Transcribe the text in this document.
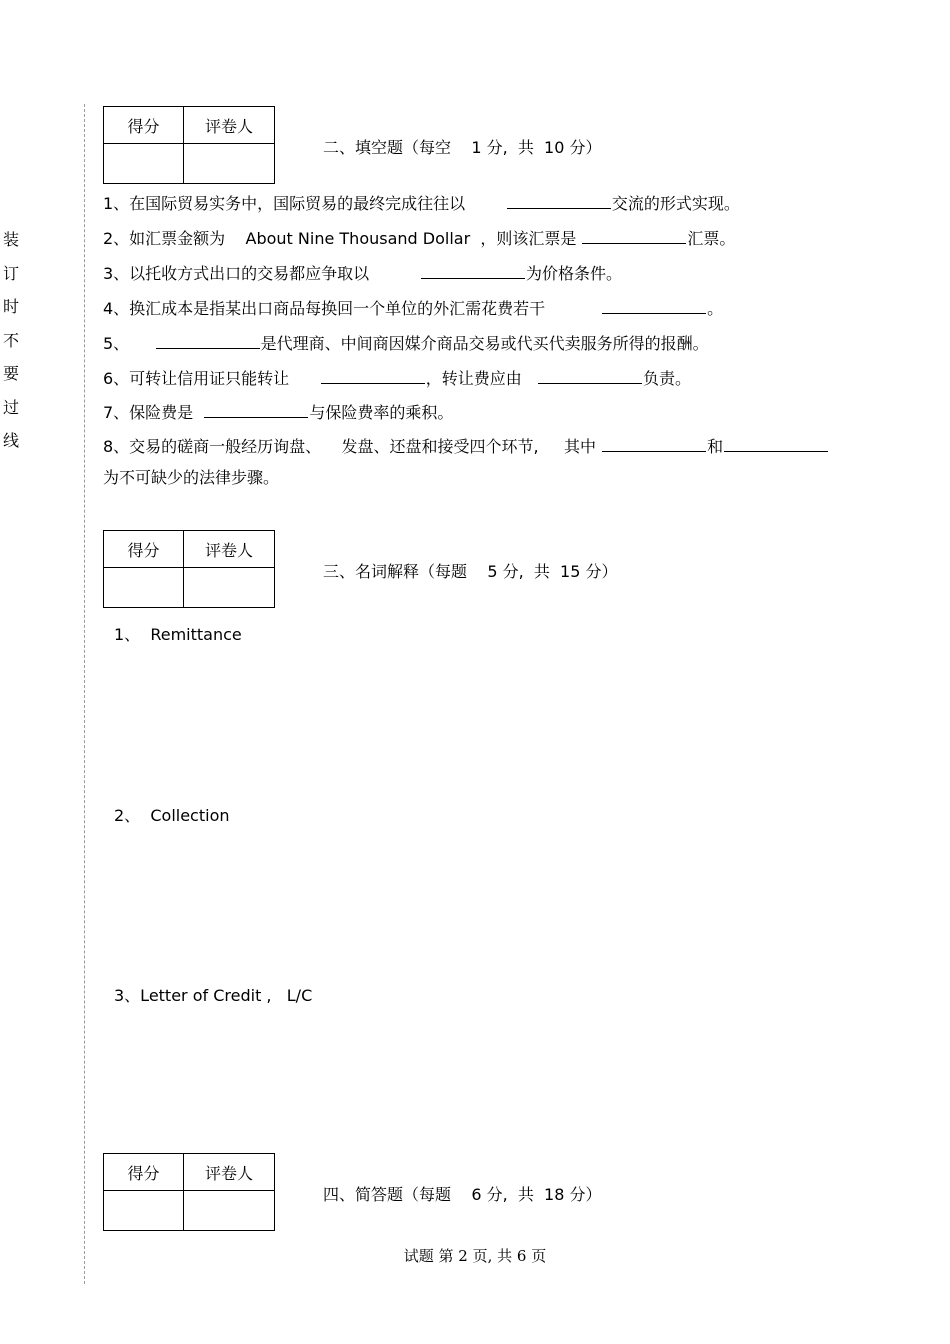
装
订
时
不
要
过
线
得分	评卷人

二、填空题（每空    1 分,  共  10 分）
1、在国际贸易实务中，国际贸易的最终完成往往以	交流的形式实现。
2、如汇票金额为    About Nine Thousand Dollar  ，则该汇票是	汇票。
3、以托收方式出口的交易都应争取以	为价格条件。
4、换汇成本是指某出口商品每换回一个单位的外汇需花费若干	。
5、	是代理商、中间商因媒介商品交易或代买代卖服务所得的报酬。
6、可转让信用证只能转让	，转让费应由	负责。
7、保险费是	与保险费率的乘积。
8、交易的磋商一般经历询盘、    发盘、还盘和接受四个环节,     其中	和
为不可缺少的法律步骤。
得分	评卷人

三、名词解释（每题    5 分,  共  15 分）
1、  Remittance
2、  Collection
3、Letter of Credit ,   L/C
得分	评卷人

四、简答题（每题    6 分,  共  18 分）
试题 第 2 页, 共 6 页
